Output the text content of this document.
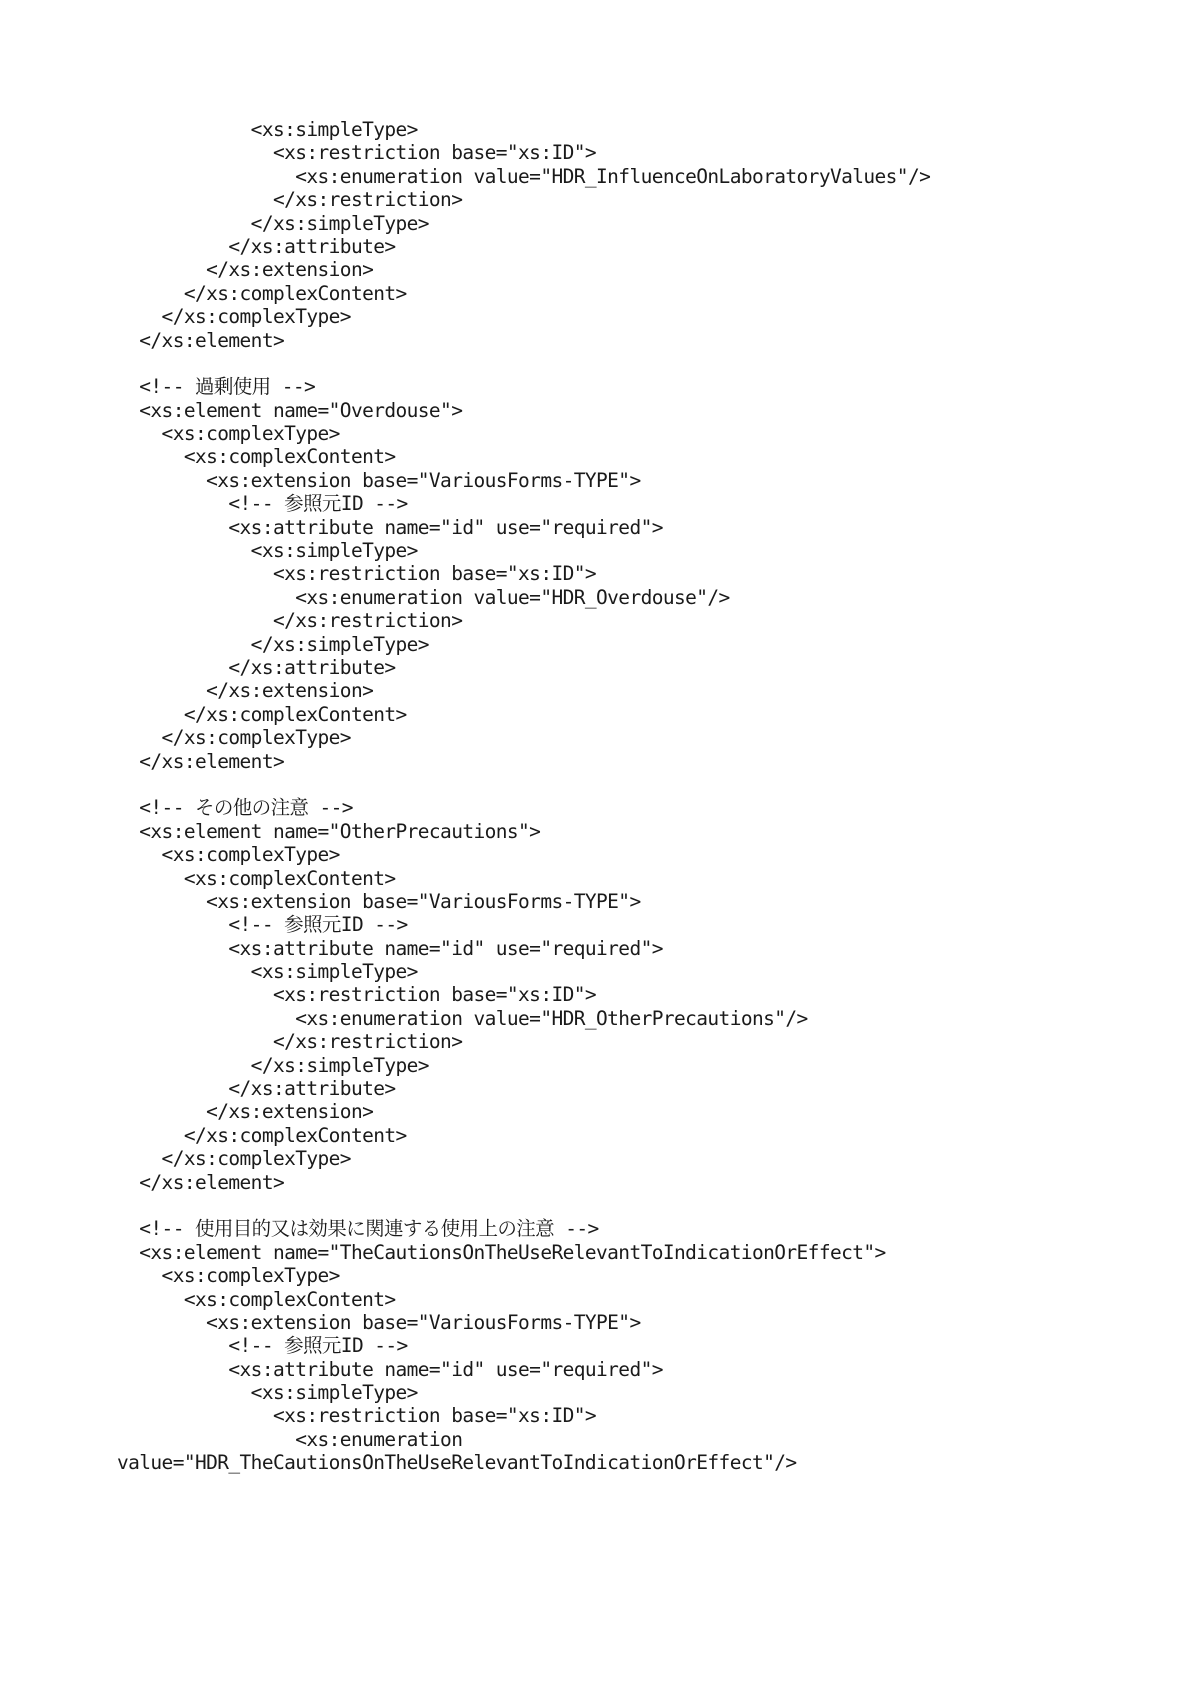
<xs:simpleType>
<xs:restriction base="xs:ID">
<xs:enumeration value="HDR_InfluenceOnLaboratoryValues"/>
</xs:restriction>
</xs:simpleType>
</xs:attribute>
</xs:extension>
</xs:complexContent>
</xs:complexType>
</xs:element>
<!-- 過剰使用 -->
<xs:element name="Overdouse">
<xs:complexType>
<xs:complexContent>
<xs:extension base="VariousForms-TYPE">
<!-- 参照元ID -->
<xs:attribute name="id" use="required">
<xs:simpleType>
<xs:restriction base="xs:ID">
<xs:enumeration value="HDR_Overdouse"/>
</xs:restriction>
</xs:simpleType>
</xs:attribute>
</xs:extension>
</xs:complexContent>
</xs:complexType>
</xs:element>
<!-- その他の注意 -->
<xs:element name="OtherPrecautions">
<xs:complexType>
<xs:complexContent>
<xs:extension base="VariousForms-TYPE">
<!-- 参照元ID -->
<xs:attribute name="id" use="required">
<xs:simpleType>
<xs:restriction base="xs:ID">
<xs:enumeration value="HDR_OtherPrecautions"/>
</xs:restriction>
</xs:simpleType>
</xs:attribute>
</xs:extension>
</xs:complexContent>
</xs:complexType>
</xs:element>
<!-- 使用目的又は効果に関連する使用上の注意 -->
<xs:element name="TheCautionsOnTheUseRelevantToIndicationOrEffect">
<xs:complexType>
<xs:complexContent>
<xs:extension base="VariousForms-TYPE">
<!-- 参照元ID -->
<xs:attribute name="id" use="required">
<xs:simpleType>
<xs:restriction base="xs:ID">
<xs:enumeration
value="HDR_TheCautionsOnTheUseRelevantToIndicationOrEffect"/>
